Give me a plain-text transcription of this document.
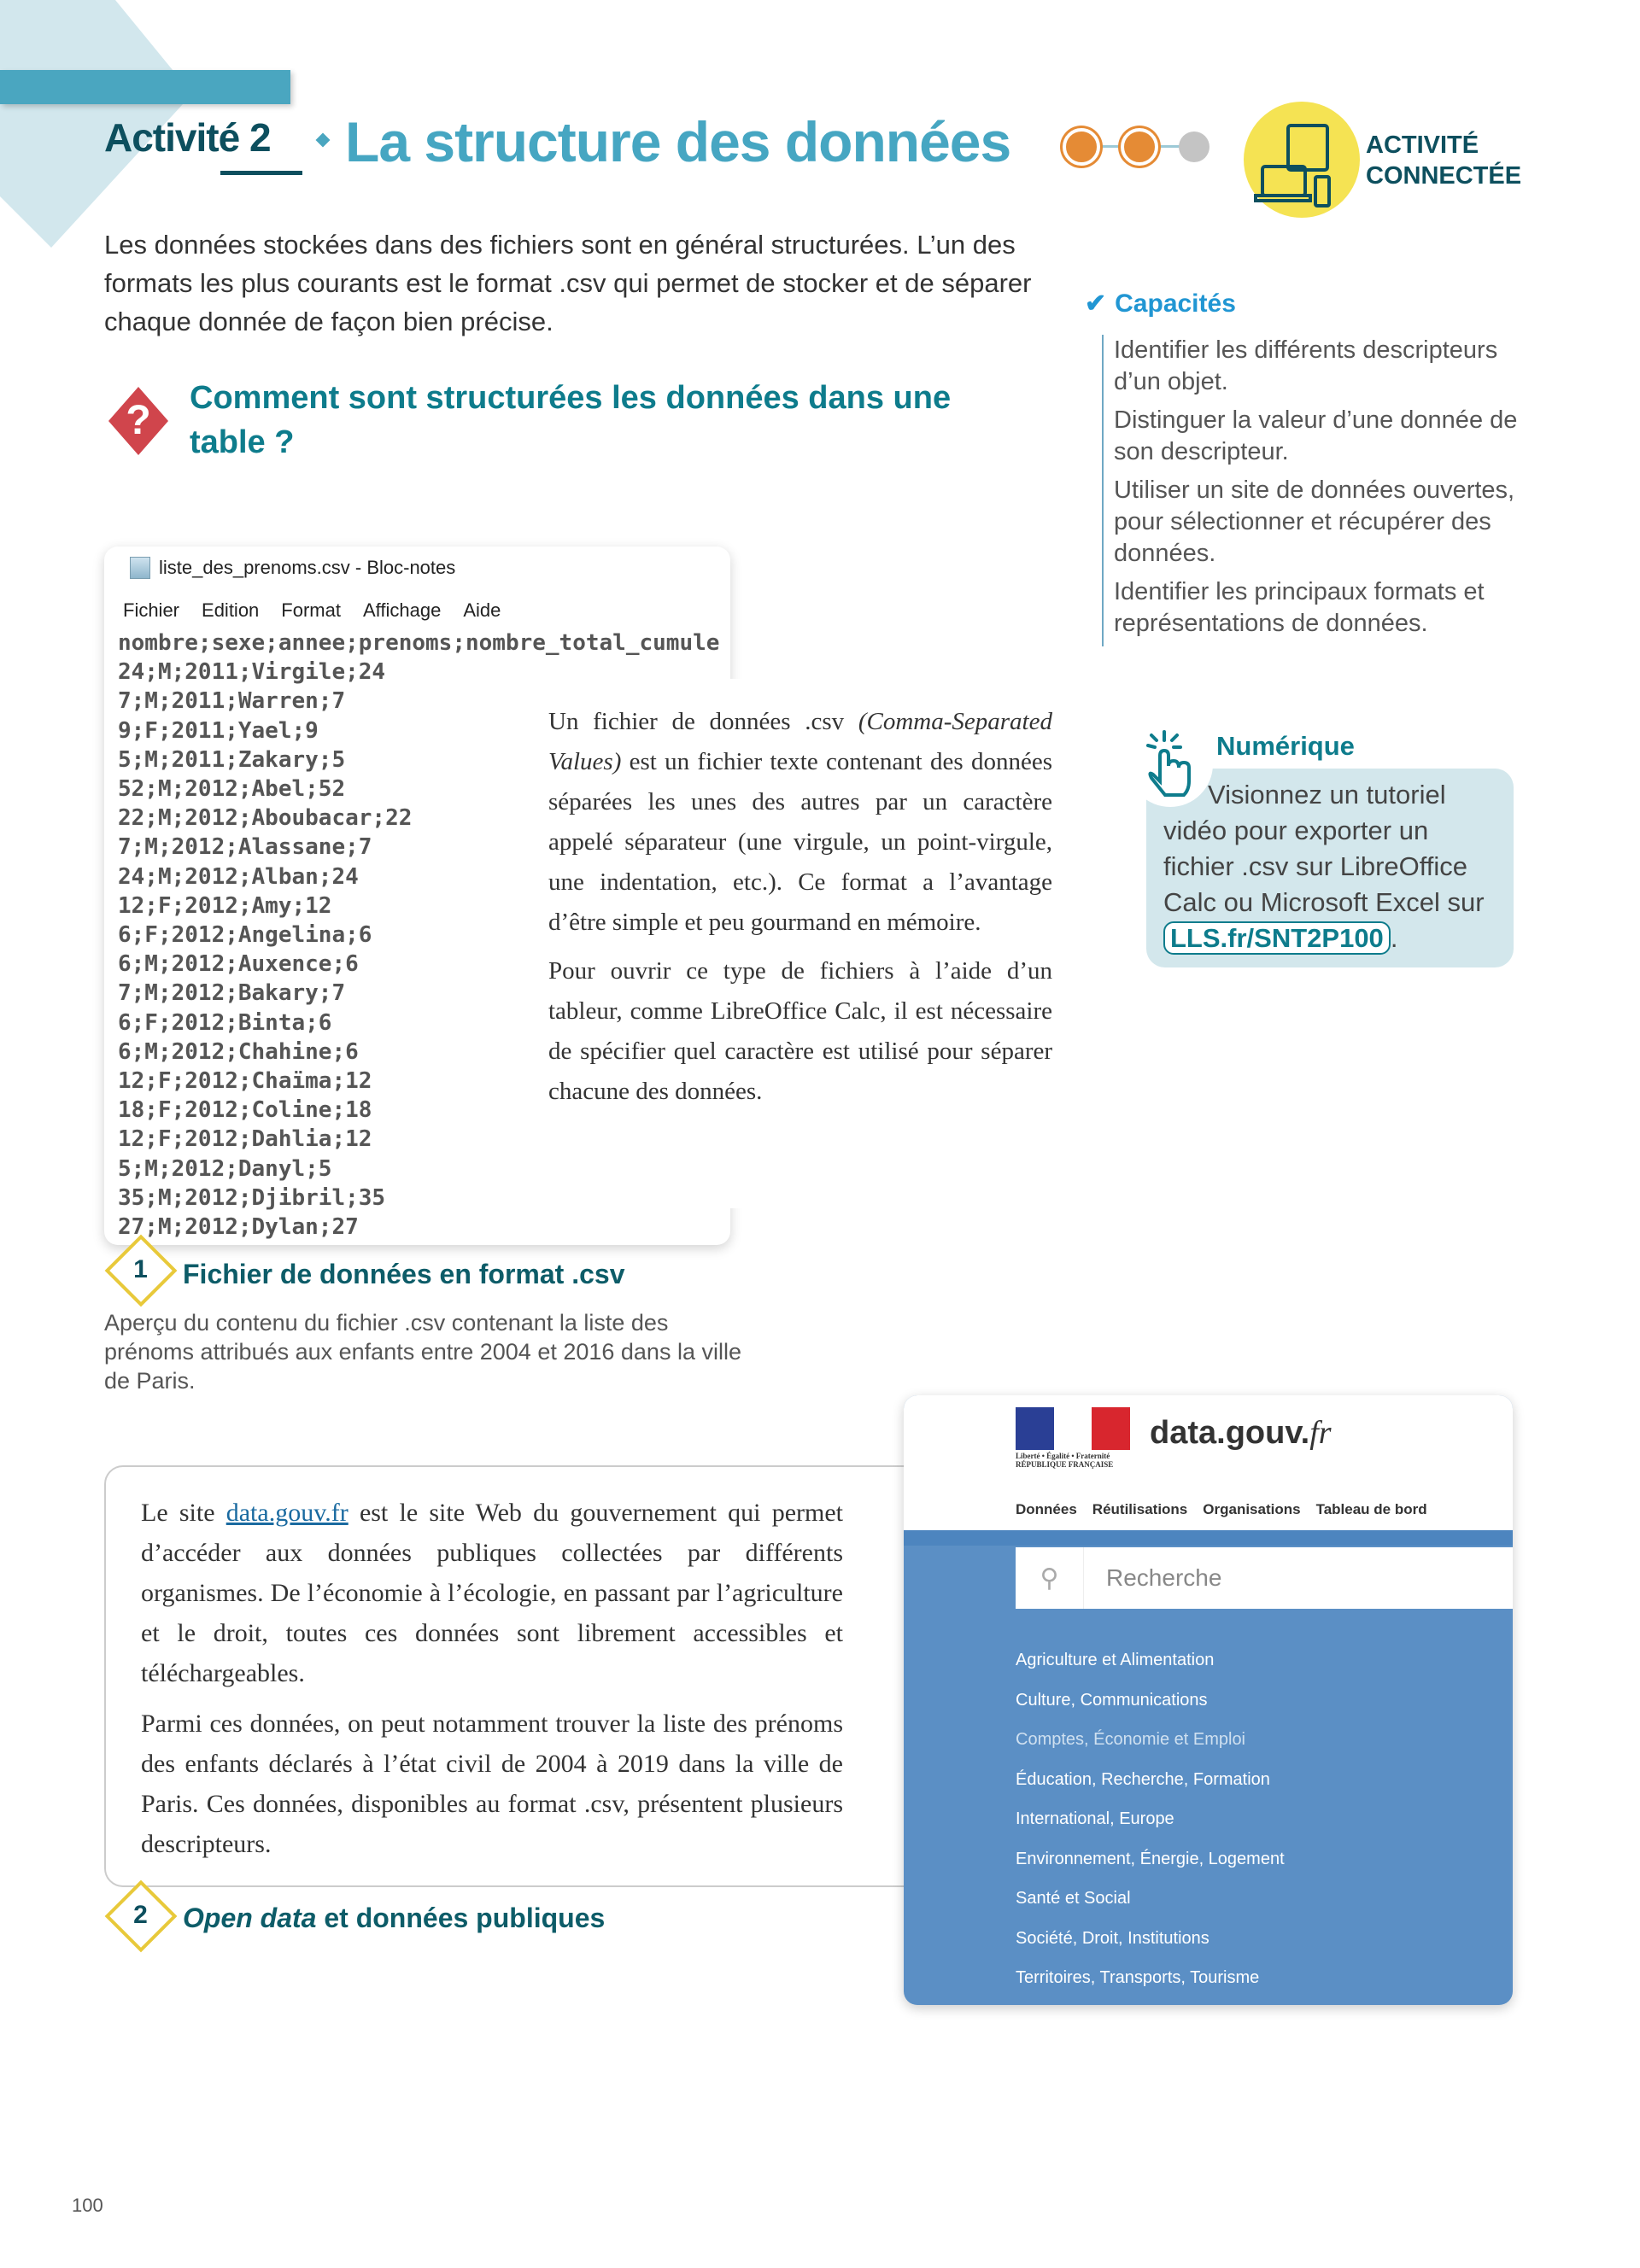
Activité 2 La structure des données	ACTIVITÉ
CONNECTÉE

Les données stockées dans des fichiers sont en général structurées. L’un des formats les plus courants est le format .csv qui permet de stocker et de séparer chaque donnée de façon bien précise.

? Comment sont structurées les données dans une table ?
✔ Capacités
Identifier les différents descripteurs d’un objet.
Distinguer la valeur d’une donnée de son descripteur.
Utiliser un site de données ouvertes, pour sélectionner et récupérer des données.
Identifier les principaux formats et représentations de données.
liste_des_prenoms.csv - Bloc-notes
Fichier Edition Format Affichage Aide
nombre;sexe;annee;prenoms;nombre_total_cumule
24;M;2011;Virgile;24
7;M;2011;Warren;7
9;F;2011;Yael;9
5;M;2011;Zakary;5
52;M;2012;Abel;52
22;M;2012;Aboubacar;22
7;M;2012;Alassane;7
24;M;2012;Alban;24
12;F;2012;Amy;12
6;F;2012;Angelina;6
6;M;2012;Auxence;6
7;M;2012;Bakary;7
6;F;2012;Binta;6
6;M;2012;Chahine;6
12;F;2012;Chaïma;12
18;F;2012;Coline;18
12;F;2012;Dahlia;12
5;M;2012;Danyl;5
35;M;2012;Djibril;35
27;M;2012;Dylan;27

Un fichier de données .csv (Comma-Separated Values) est un fichier texte contenant des données séparées les unes des autres par un caractère appelé séparateur (une virgule, un point-virgule, une indentation, etc.). Ce format a l’avantage d’être simple et peu gourmand en mémoire.

Pour ouvrir ce type de fichiers à l’aide d’un tableur, comme LibreOffice Calc, il est nécessaire de spécifier quel caractère est utilisé pour séparer chacune des données.

1	Fichier de données en format .csv

Aperçu du contenu du fichier .csv contenant la liste des prénoms attribués aux enfants entre 2004 et 2016 dans la ville de Paris.

Numérique

Visionnez un tutoriel vidéo pour exporter un fichier .csv sur LibreOffice Calc ou Microsoft Excel sur LLS.fr/SNT2P100 .

Le site data.gouv.fr est le site Web du gouvernement qui permet d’accéder aux données publiques collectées par différents organismes. De l’économie à l’écologie, en passant par l’agriculture et le droit, toutes ces données sont librement accessibles et téléchargeables.

Parmi ces données, on peut notamment trouver la liste des prénoms des enfants déclarés à l’état civil de 2004 à 2019 dans la ville de Paris. Ces données, disponibles au format .csv, présentent plusieurs descripteurs.

2	Open data et données publiques
Liberté • Égalité • Fraternité RÉPUBLIQUE FRANÇAISE
data.gouv.fr
Données Réutilisations Organisations Tableau de bord
⚲	Recherche
Agriculture et Alimentation
Culture, Communications
Comptes, Économie et Emploi
Éducation, Recherche, Formation
International, Europe
Environnement, Énergie, Logement
Santé et Social
Société, Droit, Institutions
Territoires, Transports, Tourisme
100
